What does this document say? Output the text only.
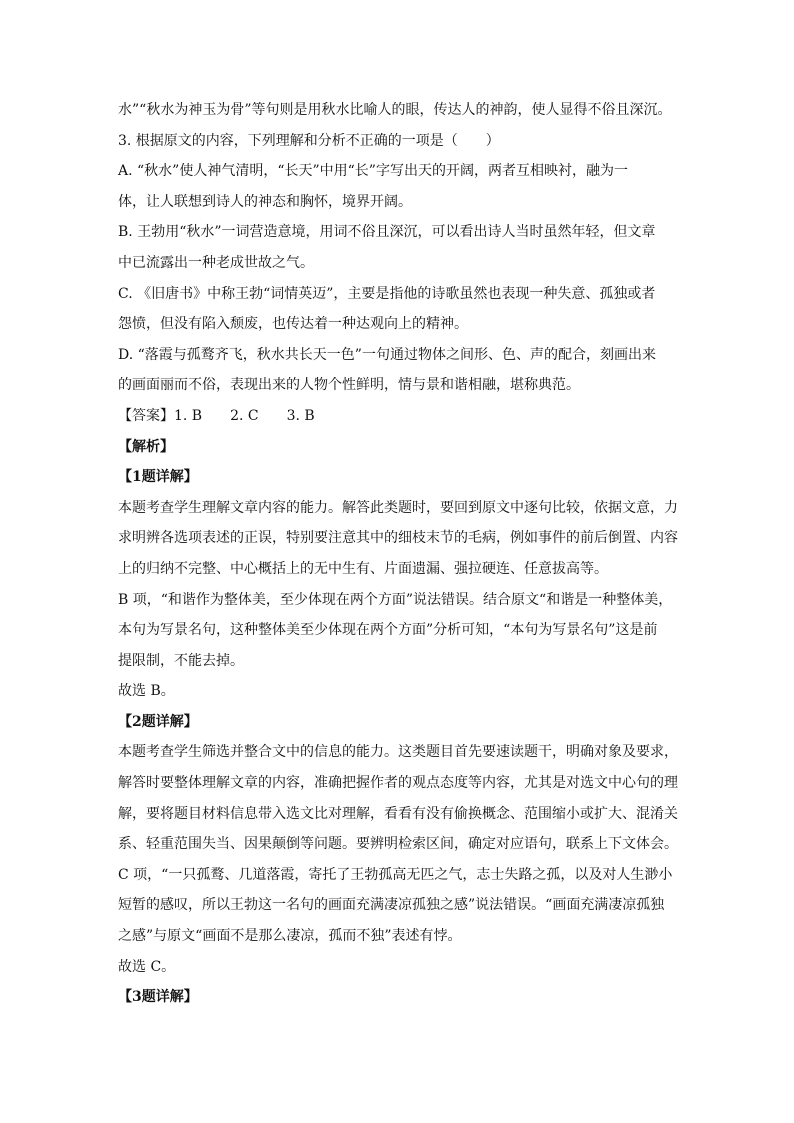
水”“秋水为神玉为骨”等句则是用秋水比喻人的眼，传达人的神韵，使人显得不俗且深沉。

3. 根据原文的内容，下列理解和分析不正确的一项是（　　）

A. “秋水”使人神气清明，“长天”中用“长”字写出天的开阔，两者互相映衬，融为一

体，让人联想到诗人的神态和胸怀，境界开阔。

B. 王勃用“秋水”一词营造意境，用词不俗且深沉，可以看出诗人当时虽然年轻，但文章

中已流露出一种老成世故之气。

C. 《旧唐书》中称王勃“词情英迈”，主要是指他的诗歌虽然也表现一种失意、孤独或者

怨愤，但没有陷入颓废，也传达着一种达观向上的精神。

D. “落霞与孤鹜齐飞，秋水共长天一色”一句通过物体之间形、色、声的配合，刻画出来

的画面丽而不俗，表现出来的人物个性鲜明，情与景和谐相融，堪称典范。

【答案】1. B　　2. C　　3. B

【解析】

【1题详解】

本题考查学生理解文章内容的能力。解答此类题时，要回到原文中逐句比较，依据文意，力

求明辨各选项表述的正误，特别要注意其中的细枝末节的毛病，例如事件的前后倒置、内容

上的归纳不完整、中心概括上的无中生有、片面遗漏、强拉硬连、任意拔高等。

B 项，“和谐作为整体美，至少体现在两个方面”说法错误。结合原文“和谐是一种整体美，

本句为写景名句，这种整体美至少体现在两个方面”分析可知，“本句为写景名句”这是前

提限制，不能去掉。

故选 B。

【2题详解】

本题考查学生筛选并整合文中的信息的能力。这类题目首先要速读题干，明确对象及要求，

解答时要整体理解文章的内容，准确把握作者的观点态度等内容，尤其是对选文中心句的理

解，要将题目材料信息带入选文比对理解，看看有没有偷换概念、范围缩小或扩大、混淆关

系、轻重范围失当、因果颠倒等问题。要辨明检索区间，确定对应语句，联系上下文体会。

C 项，“一只孤鹜、几道落霞，寄托了王勃孤高无匹之气，志士失路之孤，以及对人生渺小

短暂的感叹，所以王勃这一名句的画面充满凄凉孤独之感”说法错误。“画面充满凄凉孤独

之感”与原文“画面不是那么凄凉，孤而不独”表述有悖。

故选 C。

【3题详解】
